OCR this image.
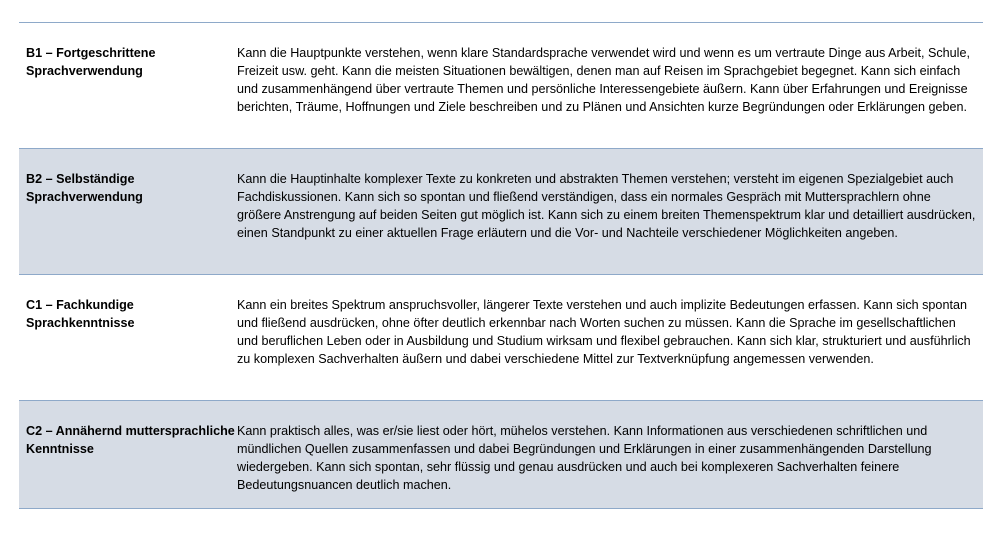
B1 – Fortgeschrittene Sprachverwendung
Kann die Hauptpunkte verstehen, wenn klare Standardsprache verwendet wird und wenn es um vertraute Dinge aus Arbeit, Schule, Freizeit usw. geht. Kann die meisten Situationen bewältigen, denen man auf Reisen im Sprachgebiet begegnet. Kann sich einfach und zusammenhängend über vertraute Themen und persönliche Interessengebiete äußern. Kann über Erfahrungen und Ereignisse berichten, Träume, Hoffnungen und Ziele beschreiben und zu Plänen und Ansichten kurze Begründungen oder Erklärungen geben.
B2 – Selbständige Sprachverwendung
Kann die Hauptinhalte komplexer Texte zu konkreten und abstrakten Themen verstehen; versteht im eigenen Spezialgebiet auch Fachdiskussionen. Kann sich so spontan und fließend verständigen, dass ein normales Gespräch mit Muttersprachlern ohne größere Anstrengung auf beiden Seiten gut möglich ist. Kann sich zu einem breiten Themenspektrum klar und detailliert ausdrücken, einen Standpunkt zu einer aktuellen Frage erläutern und die Vor- und Nachteile verschiedener Möglichkeiten angeben.
C1 – Fachkundige Sprachkenntnisse
Kann ein breites Spektrum anspruchsvoller, längerer Texte verstehen und auch implizite Bedeutungen erfassen. Kann sich spontan und fließend ausdrücken, ohne öfter deutlich erkennbar nach Worten suchen zu müssen. Kann die Sprache im gesellschaftlichen und beruflichen Leben oder in Ausbildung und Studium wirksam und flexibel gebrauchen. Kann sich klar, strukturiert und ausführlich zu komplexen Sachverhalten äußern und dabei verschiedene Mittel zur Textverknüpfung angemessen verwenden.
C2 – Annähernd muttersprachliche Kenntnisse
Kann praktisch alles, was er/sie liest oder hört, mühelos verstehen. Kann Informationen aus verschiedenen schriftlichen und mündlichen Quellen zusammenfassen und dabei Begründungen und Erklärungen in einer zusammenhängenden Darstellung wiedergeben. Kann sich spontan, sehr flüssig und genau ausdrücken und auch bei komplexeren Sachverhalten feinere Bedeutungsnuancen deutlich machen.
